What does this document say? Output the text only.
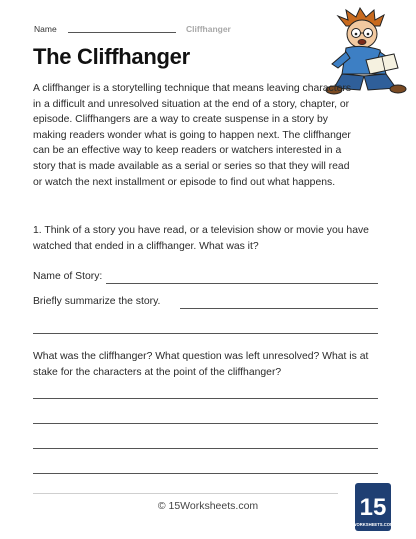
Name	Cliffhanger
The Cliffhanger

A cliffhanger is a storytelling technique that means leaving characters in a difficult and unresolved situation at the end of a story, chapter, or episode. Cliffhangers are a way to create suspense in a story by making readers wonder what is going to happen next. The cliffhanger can be an effective way to keep readers or watchers interested in a story that is made available as a serial or series so that they will read or watch the next installment or episode to find out what happens.

1. Think of a story you have read, or a television show or movie you have watched that ended in a cliffhanger. What was it?

Name of Story:
Briefly summarize the story.

What was the cliffhanger? What question was left unresolved? What is at stake for the characters at the point of the cliffhanger?

© 15Worksheets.com	15
WORKSHEETS.COM
